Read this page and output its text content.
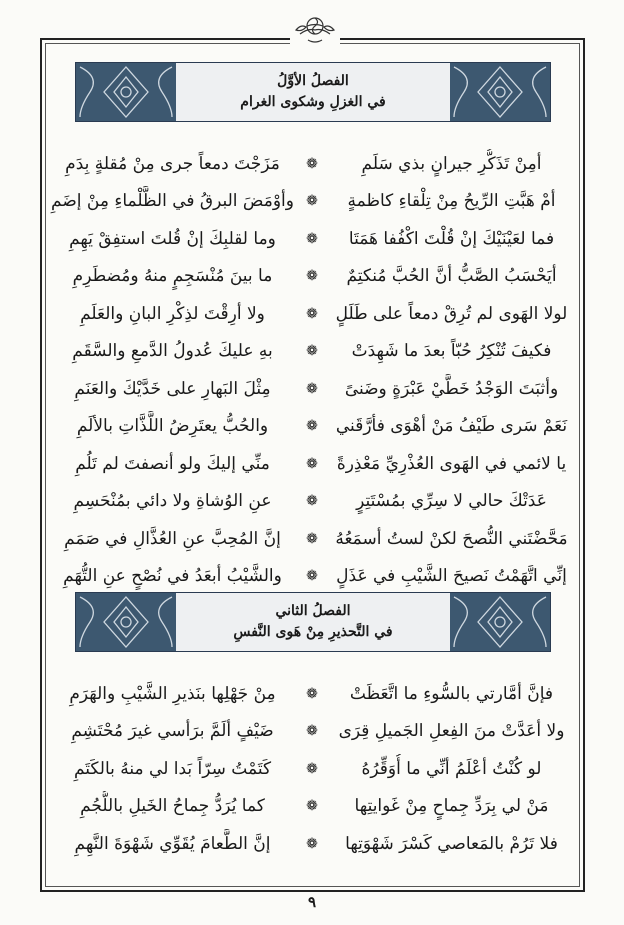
الفصلُ الأوَّلُ
في الغزلِ وشكوى الغرام
أمِنْ تَذَكُّرِ جيرانٍ بذي سَلَمِ
❁
مَزَجْتَ دمعاً جرى مِنْ مُقلةٍ بِدَمِ
أمْ هَبَّتِ الرِّيحُ مِنْ تِلْقاءِ كاظمةٍ
❁
وأوْمَضَ البرقُ في الظَّلْماءِ مِنْ إضَمِ
فما لعَيْنَيْكَ إنْ قُلْتَ اكْفُفا هَمَتَا
❁
وما لقلبِكَ إنْ قُلتَ استفِقْ يَهِمِ
أيَحْسَبُ الصَّبُّ أنَّ الحُبَّ مُنكتِمٌ
❁
ما بينَ مُنْسَجِمٍ منهُ ومُضطَرِمِ
لولا الهَوى لم تُرِقْ دمعاً على طَلَلٍ
❁
ولا أرِقْتَ لذِكْرِ البانِ والعَلَمِ
فكيفَ تُنْكِرُ حُبّاً بعدَ ما شَهِدَتْ
❁
بهِ عليكَ عُدولُ الدَّمعِ والسَّقَمِ
وأثبَتَ الوَجْدُ خَطَّيْ عَبْرَةٍ وضَنىً
❁
مِثْلَ البَهارِ على خَدَّيْكَ والعَنَمِ
نَعَمْ سَرى طَيْفُ مَنْ أهْوَى فأرَّقَني
❁
والحُبُّ يعتَرِضُ اللَّذَّاتِ بالألَمِ
يا لائمي في الهَوى العُذْرِيِّ مَعْذِرةً
❁
منِّي إليكَ ولو أنصفتَ لم تَلُمِ
عَدَتْكَ حالي لا سِرِّي بمُسْتَتِرٍ
❁
عنِ الوُشاةِ ولا دائي بمُنْحَسِمِ
مَحَّضْتَني النُّصحَ لكنْ لستُ أسمَعُهُ
❁
إنَّ المُحِبَّ عنِ العُذَّالِ في صَمَمِ
إنِّي اتَّهَمْتُ نَصيحَ الشَّيْبِ في عَذَلٍ
❁
والشَّيْبُ أبعَدُ في نُصْحٍ عنِ التُّهَمِ
الفصلُ الثاني
في التَّحذيرِ مِنْ هَوى النَّفسِ
فإنَّ أمَّارتي بالسُّوءِ ما اتَّعَظَتْ
❁
مِنْ جَهْلِها بنَذيرِ الشَّيْبِ والهَرَمِ
ولا أعَدَّتْ منَ الفِعلِ الجَميلِ قِرَى
❁
ضَيْفٍ ألَمَّ برَأسي غيرَ مُحْتَشِمِ
لو كُنْتُ أعْلَمُ أنِّي ما أُوَقِّرُهُ
❁
كَتَمْتُ سِرّاً بَدا لي منهُ بالكَتَمِ
مَنْ لي بِرَدِّ جِماحٍ مِنْ غَوايتِها
❁
كما يُرَدُّ جِماحُ الخَيلِ باللُّجُمِ
فلا تَرُمْ بالمَعاصي كَسْرَ شَهْوَتِها
❁
إنَّ الطَّعامَ يُقَوِّي شَهْوَةَ النَّهِمِ
٩
